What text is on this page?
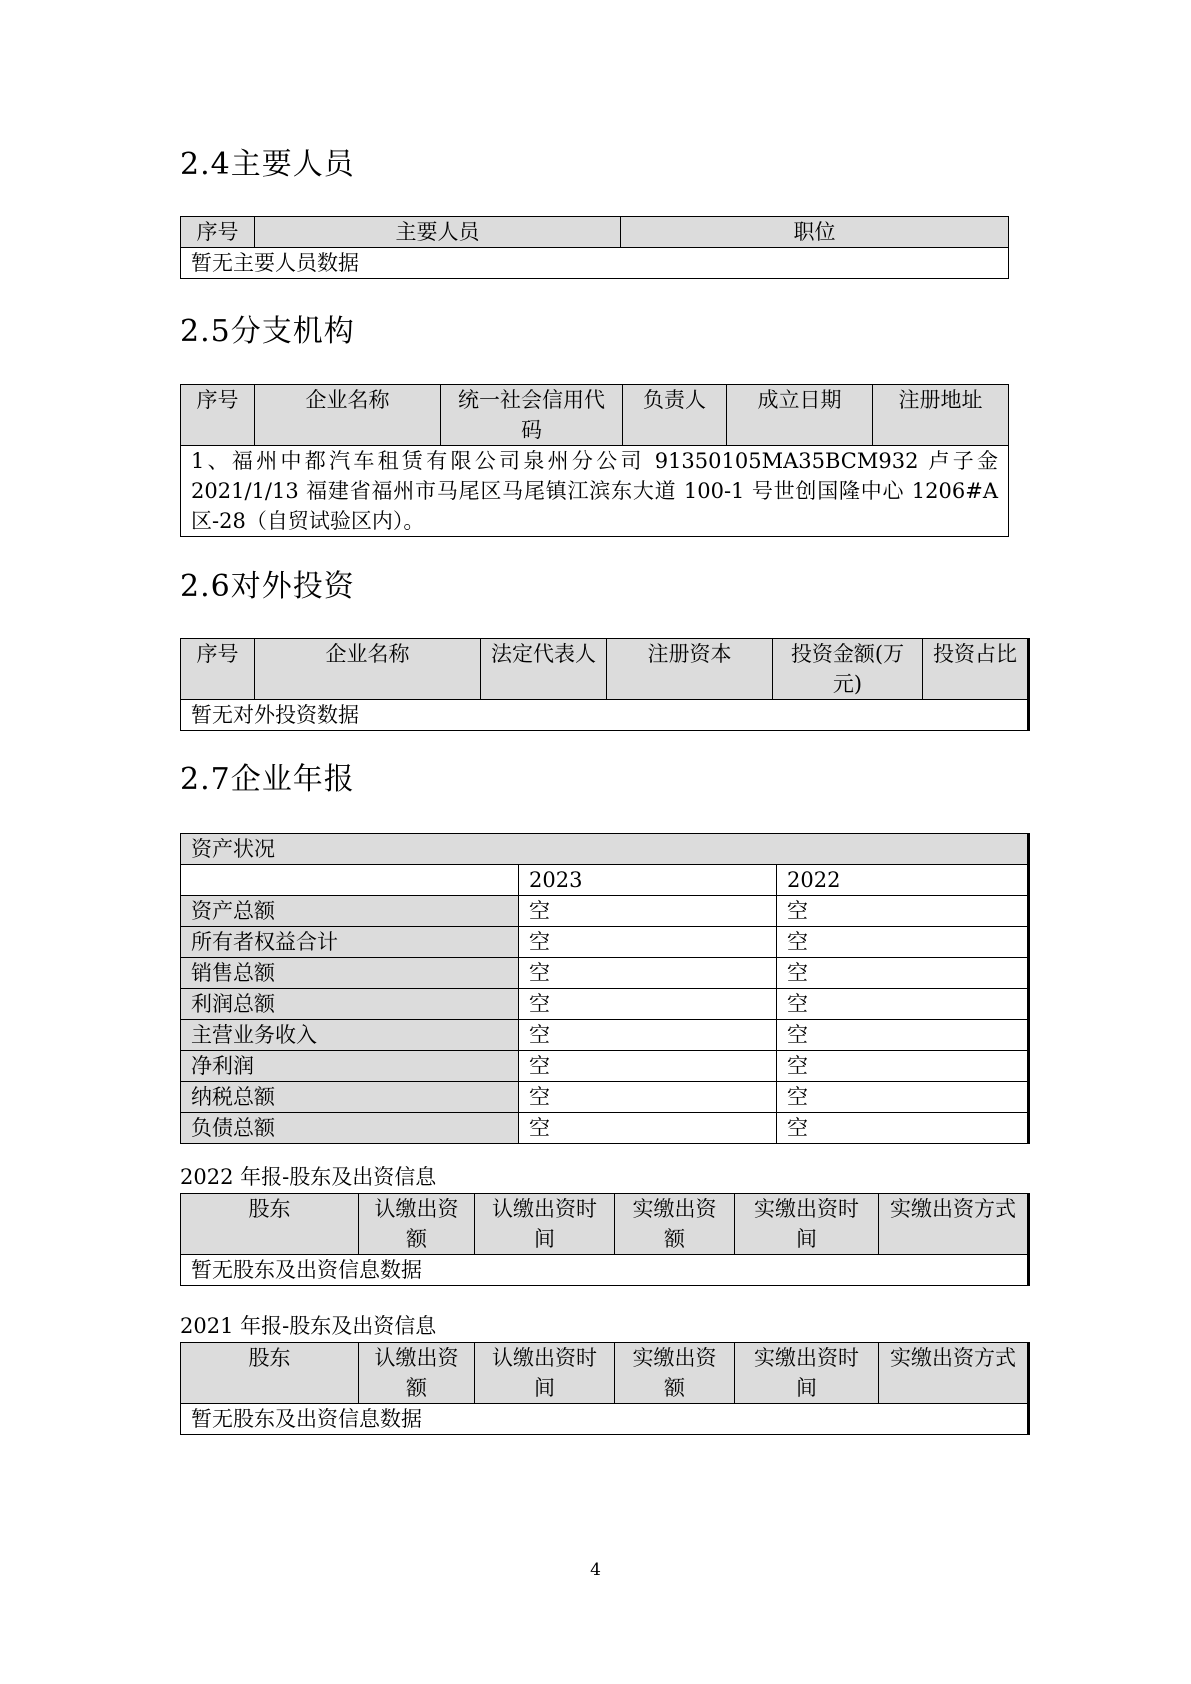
2.4主要人员
序号	主要人员	职位
暂无主要人员数据
2.5分支机构
序号	企业名称	统一社会信用代码	负责人	成立日期	注册地址
1、福州中都汽车租赁有限公司泉州分公司 91350105MA35BCM932 卢子金 2021/1/13 福建省福州市马尾区马尾镇江滨东大道 100-1 号世创国隆中心 1206#A 区-28（自贸试验区内）。
2.6对外投资
序号	企业名称	法定代表人	注册资本	投资金额(万元)	投资占比
暂无对外投资数据
2.7企业年报
资产状况		
	2023	2022
资产总额	空	空
所有者权益合计	空	空
销售总额	空	空
利润总额	空	空
主营业务收入	空	空
净利润	空	空
纳税总额	空	空
负债总额	空	空
2022 年报-股东及出资信息
股东	认缴出资额	认缴出资时间	实缴出资额	实缴出资时间	实缴出资方式
暂无股东及出资信息数据
2021 年报-股东及出资信息
股东	认缴出资额	认缴出资时间	实缴出资额	实缴出资时间	实缴出资方式
暂无股东及出资信息数据
4
